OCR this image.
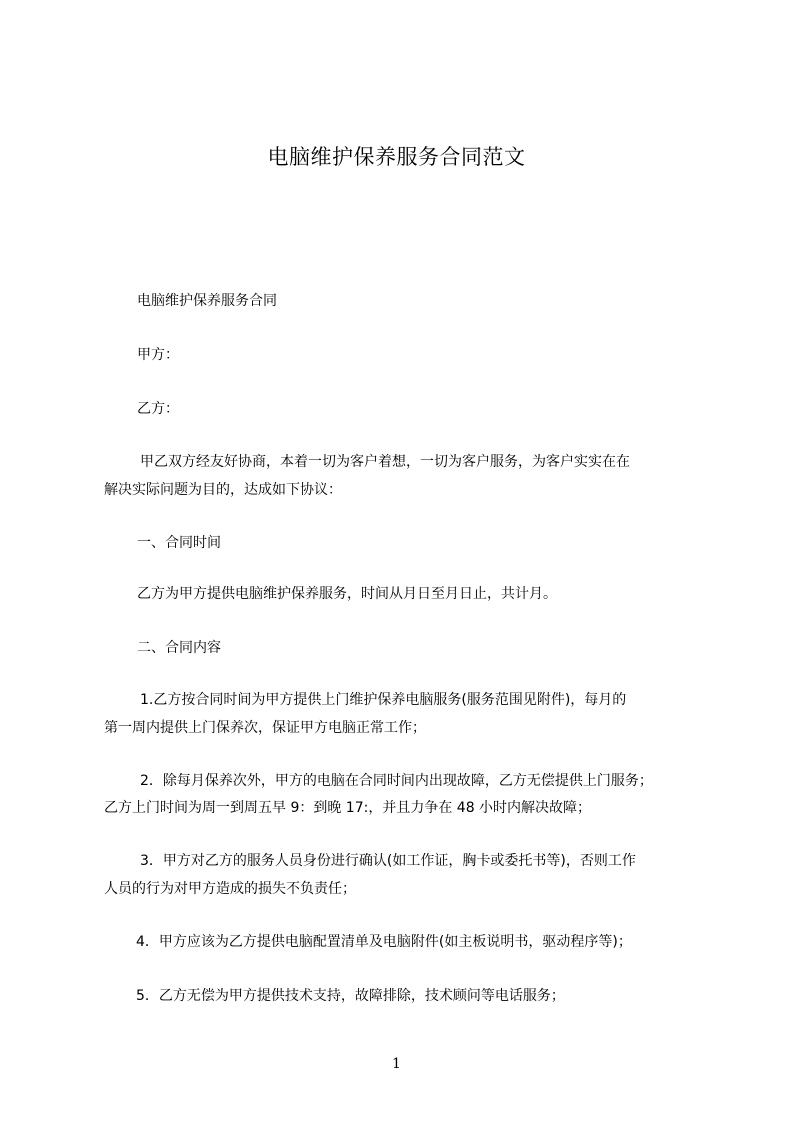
电脑维护保养服务合同范文
电脑维护保养服务合同
甲方：
乙方：
甲乙双方经友好协商，本着一切为客户着想，一切为客户服务，为客户实实在在
解决实际问题为目的，达成如下协议：
一、合同时间
乙方为甲方提供电脑维护保养服务，时间从月日至月日止，共计月。
二、合同内容
1.乙方按合同时间为甲方提供上门维护保养电脑服务(服务范围见附件)，每月的
第一周内提供上门保养次，保证甲方电脑正常工作；
2．除每月保养次外，甲方的电脑在合同时间内出现故障，乙方无偿提供上门服务；
乙方上门时间为周一到周五早 9：到晚 17:，并且力争在 48 小时内解决故障；
3．甲方对乙方的服务人员身份进行确认(如工作证，胸卡或委托书等)，否则工作
人员的行为对甲方造成的损失不负责任；
4．甲方应该为乙方提供电脑配置清单及电脑附件(如主板说明书，驱动程序等)；
5．乙方无偿为甲方提供技术支持，故障排除，技术顾问等电话服务；
1
